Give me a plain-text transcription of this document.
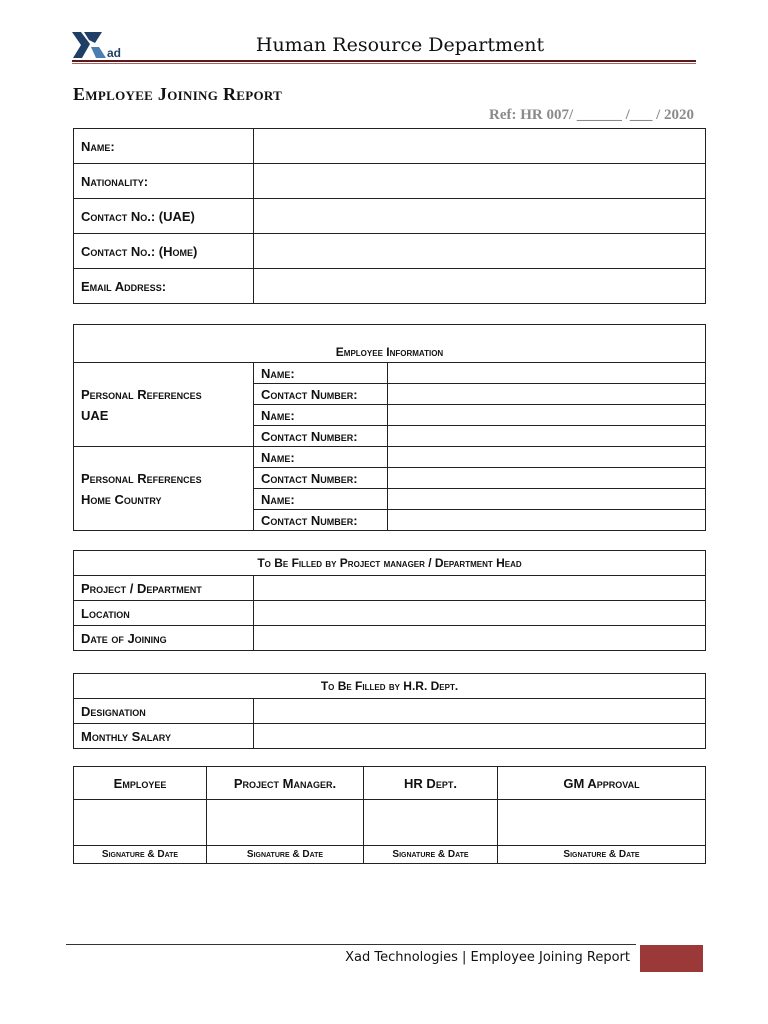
ad	Human Resource Department
Employee Joining Report
Ref: HR 007/ ______ /___ / 2020
Name:	
Nationality:	
Contact No.: (UAE)	
Contact No.: (Home)	
Email Address:	
Employee Information		

Personal References
UAE	Name:	
	Contact Number:	
	Name:	
	Contact Number:	

Personal References
Home Country	Name:	
	Contact Number:	
	Name:	
	Contact Number:	
To Be Filled by Project manager / Department Head	
Project / Department	
Location	
Date of Joining	
To Be Filled by H.R. Dept.	
Designation	
Monthly Salary	
Employee	Project Manager.	HR Dept.	GM Approval

Signature & Date	Signature & Date	Signature & Date	Signature & Date
Xad Technologies | Employee Joining Report
